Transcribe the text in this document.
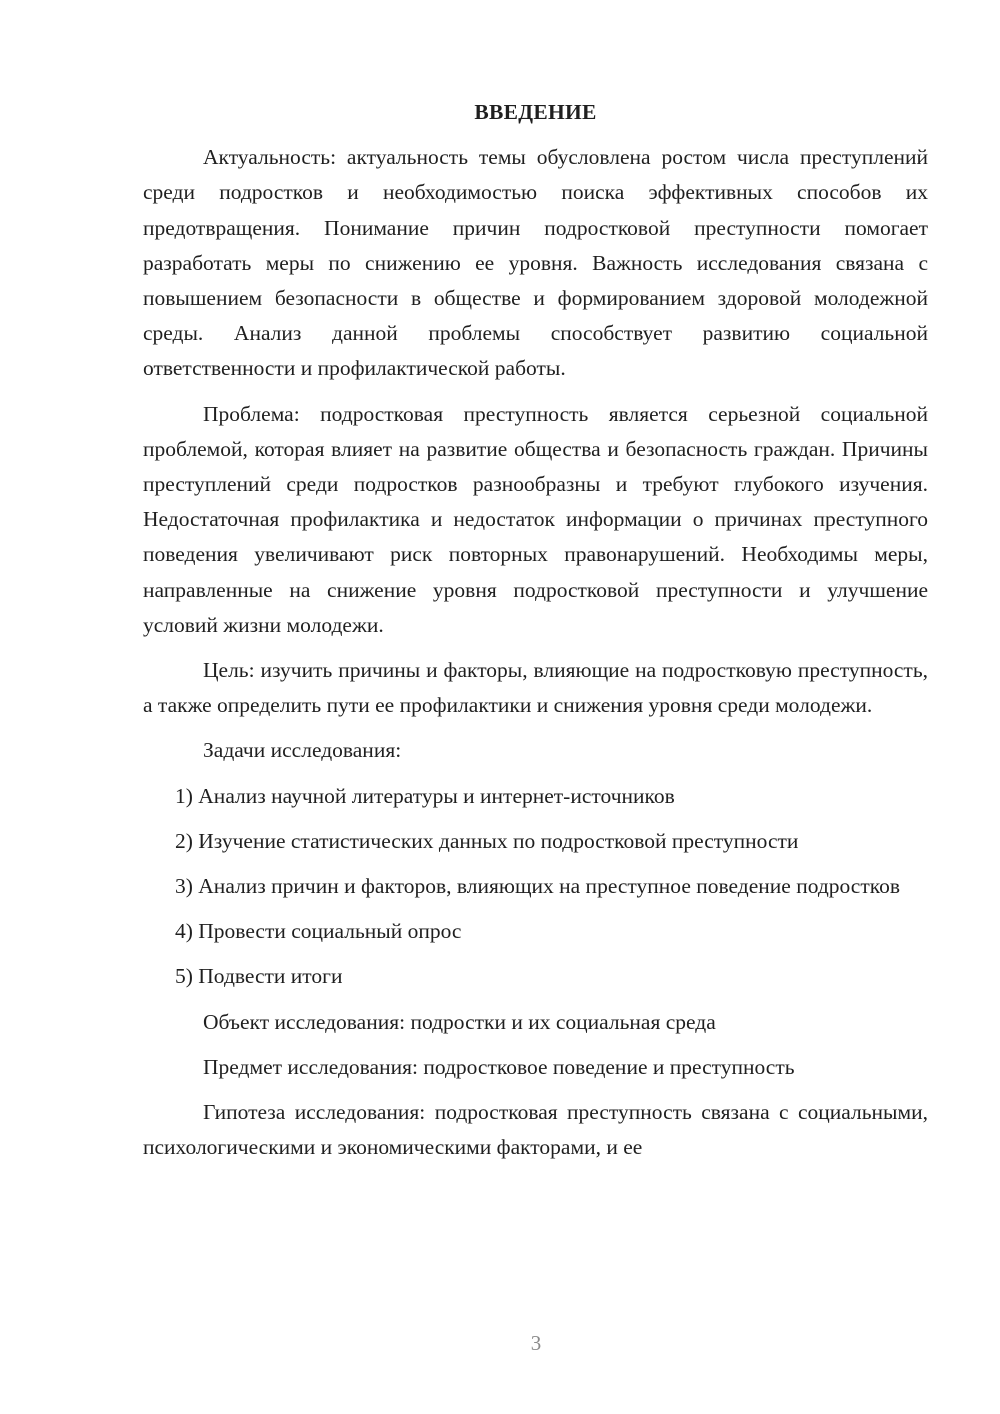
ВВЕДЕНИЕ

Актуальность: актуальность темы обусловлена ростом числа преступлений среди подростков и необходимостью поиска эффективных способов их предотвращения. Понимание причин подростковой преступности помогает разработать меры по снижению ее уровня. Важность исследования связана с повышением безопасности в обществе и формированием здоровой молодежной среды. Анализ данной проблемы способствует развитию социальной ответственности и профилактической работы.

Проблема: подростковая преступность является серьезной социальной проблемой, которая влияет на развитие общества и безопасность граждан. Причины преступлений среди подростков разнообразны и требуют глубокого изучения. Недостаточная профилактика и недостаток информации о причинах преступного поведения увеличивают риск повторных правонарушений. Необходимы меры, направленные на снижение уровня подростковой преступности и улучшение условий жизни молодежи.

Цель: изучить причины и факторы, влияющие на подростковую преступность, а также определить пути ее профилактики и снижения уровня среди молодежи.

Задачи исследования:

1) Анализ научной литературы и интернет-источников

2) Изучение статистических данных по подростковой преступности

3) Анализ причин и факторов, влияющих на преступное поведение подростков

4) Провести социальный опрос

5) Подвести итоги

Объект исследования: подростки и их социальная среда

Предмет исследования: подростковое поведение и преступность

Гипотеза исследования: подростковая преступность связана с социальными, психологическими и экономическими факторами, и ее

3
